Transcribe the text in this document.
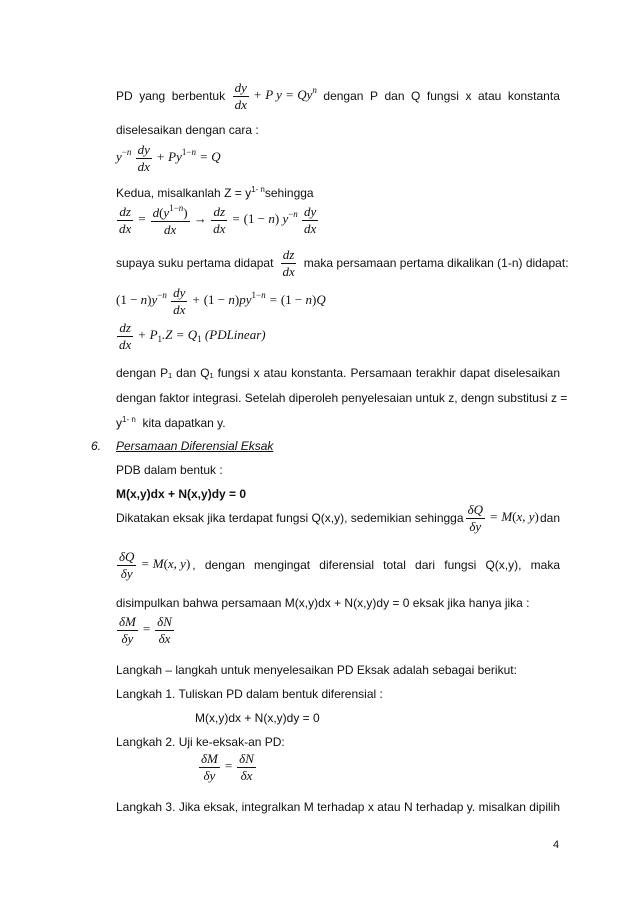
PD yang berbentuk $\frac{dy}{dx} + P$ $y = Qy^n$ dengan P dan Q fungsi x atau konstanta
diselesaikan dengan cara :
$y^{-n} \frac{dy}{dx} + Py^{1-n} = Q$
Kedua, misalkanlah $Z = y^{1- n}sehingga$
$\frac{dz}{dx} = \frac{d(y^{1-n})}{dx} \to \frac{dz}{dx} = (1 - n)$ $y^{-n} \frac{dy}{dx}$
supaya suku pertama didapat $\frac{dz}{dx}$ maka persamaan pertama dikalikan (1-n) didapat:
$(1 - n)y^{-n} \frac{dy}{dx} + (1 - n)py^{1-n} = (1 - n)Q$
$\frac{dz}{dx} + P_1.Z = Q_1$ (PDLinear)
dengan P₁ dan Q₁ fungsi x atau konstanta. Persamaan terakhir dapat diselesaikan
dengan faktor integrasi. Setelah diperoleh penyelesaian untuk z, dengn substitusi z =
$y^{1- n}$  kita dapatkan y.
6. Persamaan Diferensial Eksak
PDB dalam bentuk :
M(x,y)dx + N(x,y)dy = 0
Dikatakan eksak jika terdapat fungsi Q(x,y), sedemikian sehingga $\frac{\delta Q}{\delta y} = M(x$, y) dan
$\frac{\delta Q}{\delta y} = M(x$, y) , dengan mengingat diferensial total dari fungsi Q(x,y), maka
disimpulkan bahwa persamaan M(x,y)dx + N(x,y)dy = 0 eksak jika hanya jika :
$\frac{\delta M}{\delta y} = \frac{\delta N}{\delta x}$
Langkah – langkah untuk menyelesaikan PD Eksak adalah sebagai berikut:
Langkah 1. Tuliskan PD dalam bentuk diferensial :
M(x,y)dx + N(x,y)dy = 0
Langkah 2. Uji ke-eksak-an PD:
$\frac{\delta M}{\delta y} = \frac{\delta N}{\delta x}$
Langkah 3. Jika eksak, integralkan M terhadap x atau N terhadap y. misalkan dipilih
4
